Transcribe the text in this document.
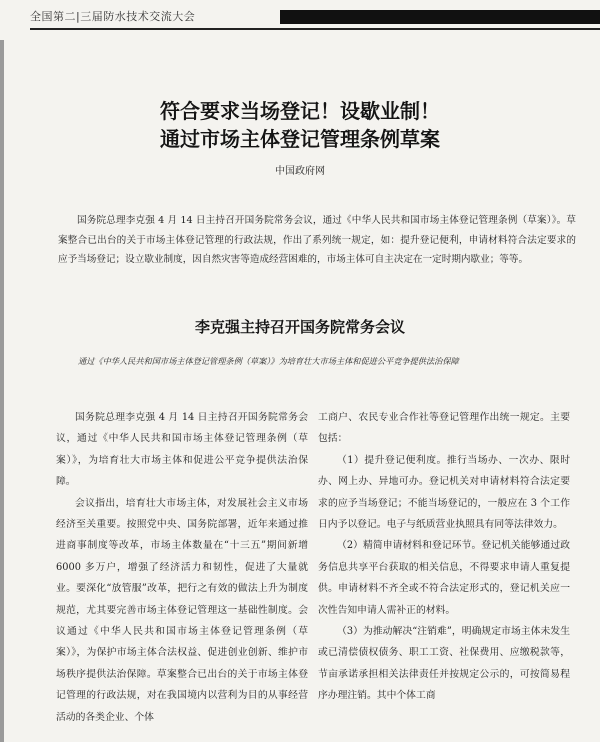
全国第二|三届防水技术交流大会
符合要求当场登记！设歇业制！
通过市场主体登记管理条例草案
中国政府网

国务院总理李克强 4 月 14 日主持召开国务院常务会议，通过《中华人民共和国市场主体登记管理条例（草案）》。草案整合已出台的关于市场主体登记管理的行政法规，作出了系列统一规定，如：提升登记便利，申请材料符合法定要求的应予当场登记；设立歇业制度，因自然灾害等造成经营困难的，市场主体可自主决定在一定时期内歇业；等等。

李克强主持召开国务院常务会议

通过《中华人民共和国市场主体登记管理条例（草案）》为培育壮大市场主体和促进公平竞争提供法治保障

国务院总理李克强 4 月 14 日主持召开国务院常务会议，通过《中华人民共和国市场主体登记管理条例（草案）》，为培育壮大市场主体和促进公平竞争提供法治保障。

会议指出，培育壮大市场主体，对发展社会主义市场经济至关重要。按照党中央、国务院部署，近年来通过推进商事制度等改革，市场主体数量在“十三五”期间新增 6000 多万户，增强了经济活力和韧性，促进了大量就业。要深化“放管服”改革，把行之有效的做法上升为制度规范，尤其要完善市场主体登记管理这一基础性制度。会议通过《中华人民共和国市场主体登记管理条例（草案）》，为保护市场主体合法权益、促进创业创新、维护市场秩序提供法治保障。草案整合已出台的关于市场主体登记管理的行政法规，对在我国境内以营利为目的从事经营活动的各类企业、个体

工商户、农民专业合作社等登记管理作出统一规定。主要包括：

（1）提升登记便利度。推行当场办、一次办、限时办、网上办、异地可办。登记机关对申请材料符合法定要求的应予当场登记；不能当场登记的，一般应在 3 个工作日内予以登记。电子与纸质营业执照具有同等法律效力。

（2）精简申请材料和登记环节。登记机关能够通过政务信息共享平台获取的相关信息，不得要求申请人重复提供。申请材料不齐全或不符合法定形式的，登记机关应一次性告知申请人需补正的材料。

（3）为推动解决“注销难”，明确规定市场主体未发生或已清偿债权债务、职工工资、社保费用、应缴税款等，节亩承诺承担相关法律责任并按规定公示的，可按简易程序办理注销。其中个体工商
